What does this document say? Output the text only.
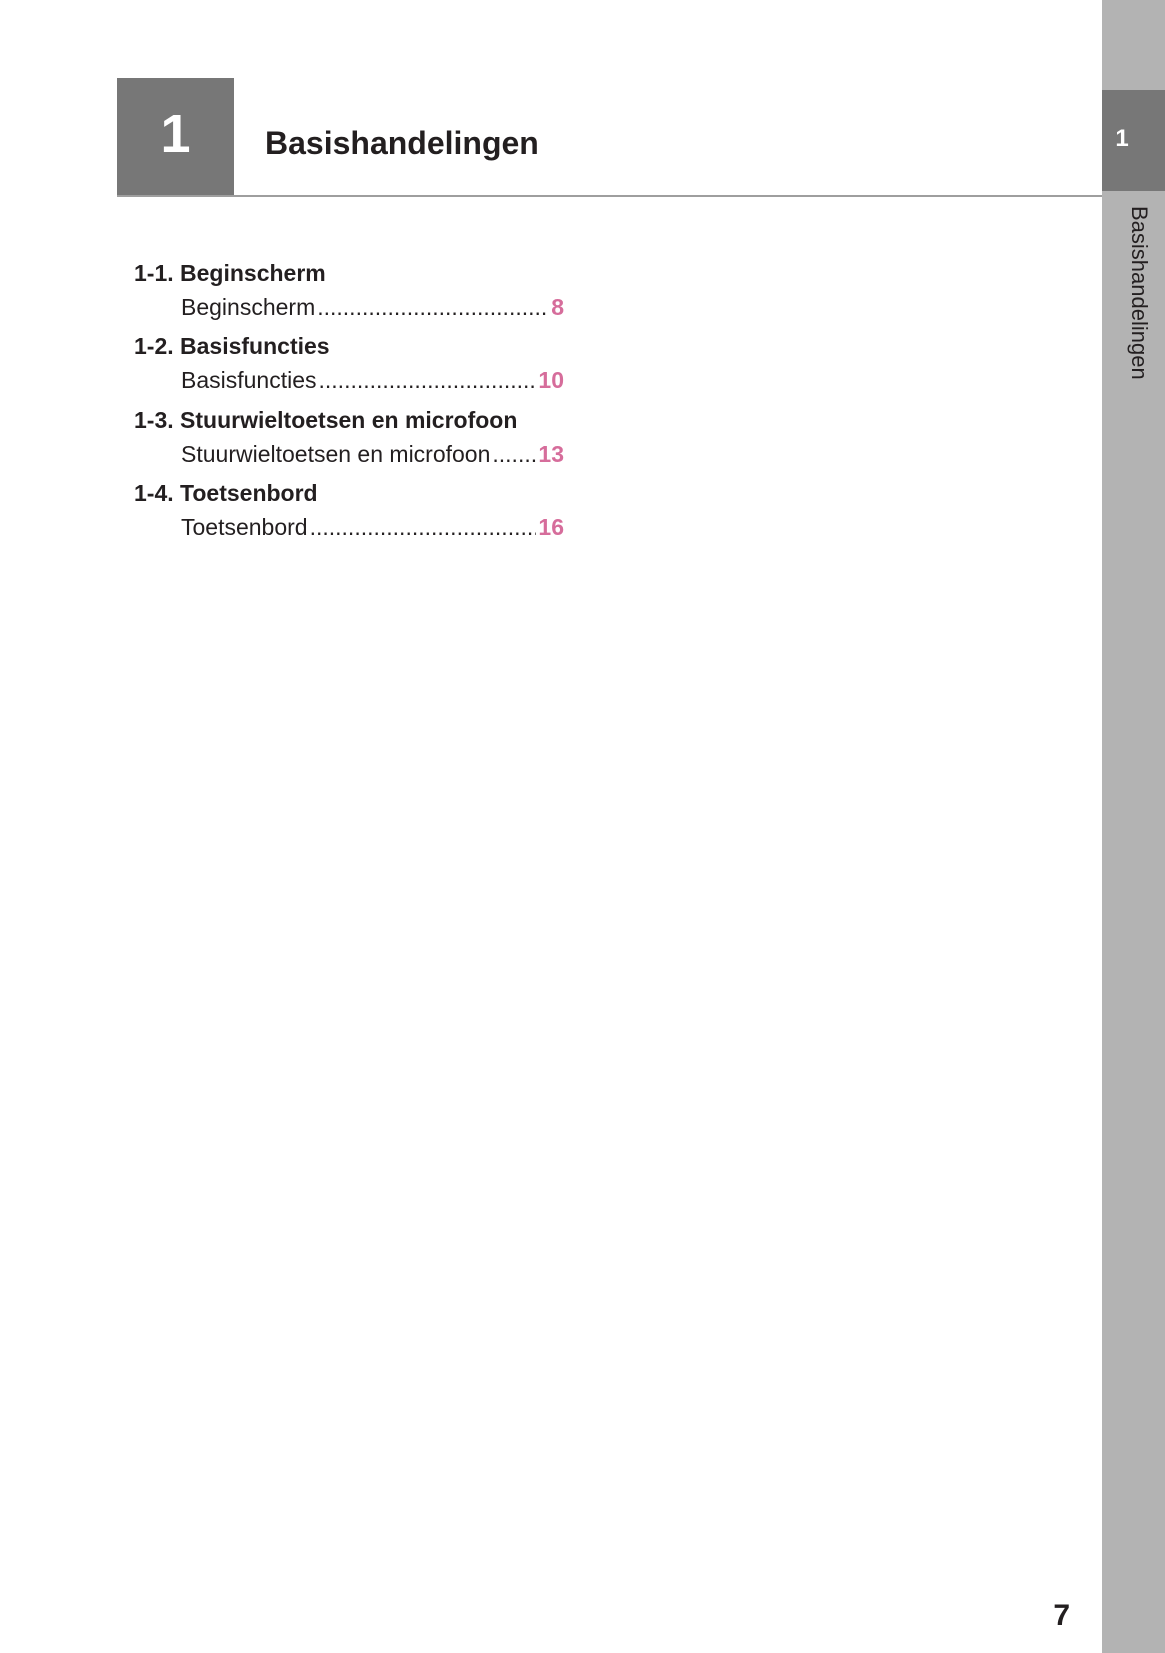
1
Basishandelingen
1	Basishandelingen
1-1. Beginscherm
Beginscherm .....	8
1-2. Basisfuncties
Basisfuncties .....	10
1-3. Stuurwieltoetsen en microfoon
Stuurwieltoetsen en microfoon ..... 13
1-4. Toetsenbord
Toetsenbord .....	16
7
